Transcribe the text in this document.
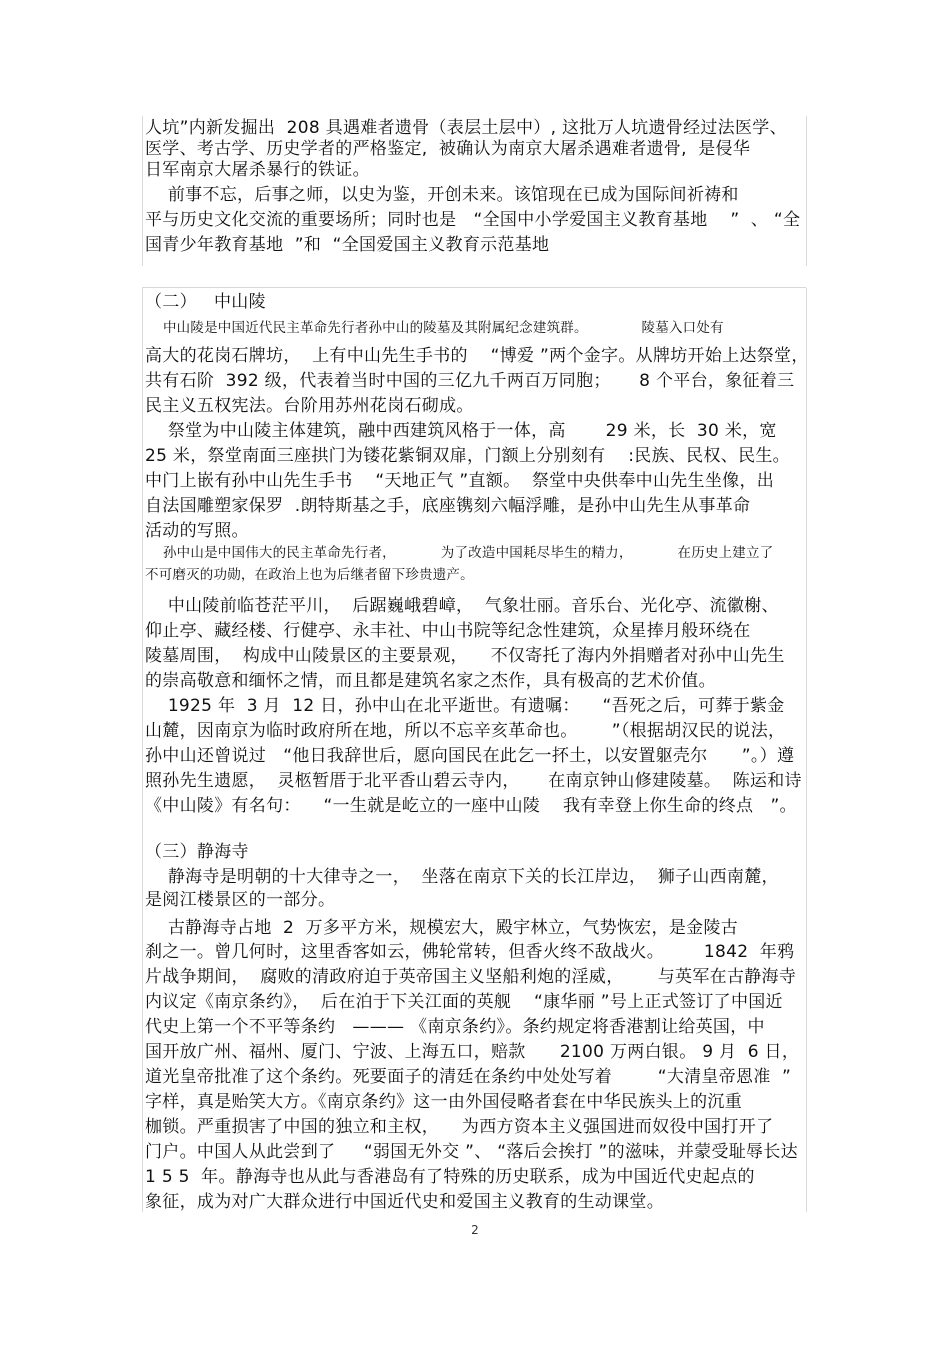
人坑”内新发掘出  208 具遇难者遗骨（表层土层中）, 这批万人坑遗骨经过法医学、
医学、考古学、历史学者的严格鉴定,  被确认为南京大屠杀遇难者遗骨,  是侵华
日军南京大屠杀暴行的铁证。
前事不忘，后事之师，以史为鉴，开创未来。该馆现在已成为国际间祈祷和
平与历史文化交流的重要场所；同时也是   “全国中小学爱国主义教育基地    ”  、 “全
国青少年教育基地  ”和  “全国爱国主义教育示范基地
（二）   中山陵
中山陵是中国近代民主革命先行者孙中山的陵墓及其附属纪念建筑群。            陵墓入口处有
高大的花岗石牌坊，  上有中山先生手书的    “博爱 ”两个金字。从牌坊开始上达祭堂，
共有石阶  392 级，代表着当时中国的三亿九千两百万同胞；     8 个平台，象征着三
民主义五权宪法。台阶用苏州花岗石砌成。
祭堂为中山陵主体建筑，融中西建筑风格于一体，高       29 米，长  30 米，宽
25 米，祭堂南面三座拱门为镂花紫铜双扉，门额上分别刻有    :民族、民权、民生。
中门上嵌有孙中山先生手书    “天地正气 ”直额。  祭堂中央供奉中山先生坐像，出
自法国雕塑家保罗  .朗特斯基之手，底座镌刻六幅浮雕，是孙中山先生从事革命
活动的写照。
孙中山是中国伟大的民主革命先行者，          为了改造中国耗尽毕生的精力，          在历史上建立了
不可磨灭的功勋，在政治上也为后继者留下珍贵遗产。
中山陵前临苍茫平川，  后踞巍峨碧嶂，  气象壮丽。音乐台、光化亭、流徽榭、
仰止亭、藏经楼、行健亭、永丰社、中山书院等纪念性建筑，众星捧月般环绕在
陵墓周围，  构成中山陵景区的主要景观，    不仅寄托了海内外捐赠者对孙中山先生
的崇高敬意和缅怀之情，而且都是建筑名家之杰作，具有极高的艺术价值。
1925 年  3 月  12 日，孙中山在北平逝世。有遗嘱：    “吾死之后，可葬于紫金
山麓，因南京为临时政府所在地，所以不忘辛亥革命也。      ”（根据胡汉民的说法，
孙中山还曾说过   “他日我辞世后，愿向国民在此乞一抔土，以安置躯壳尔      ”。）遵
照孙先生遗愿，  灵柩暂厝于北平香山碧云寺内，     在南京钟山修建陵墓。  陈运和诗
《中山陵》有名句：    “一生就是屹立的一座中山陵    我有幸登上你生命的终点   ”。
（三）静海寺
静海寺是明朝的十大律寺之一，  坐落在南京下关的长江岸边，  狮子山西南麓，
是阅江楼景区的一部分。
古静海寺占地  2  万多平方米，规模宏大，殿宇林立，气势恢宏，是金陵古
刹之一。曾几何时，这里香客如云，佛轮常转，但香火终不敌战火。       1842  年鸦
片战争期间，  腐败的清政府迫于英帝国主义坚船利炮的淫威，      与英军在古静海寺
内议定《南京条约》，  后在泊于下关江面的英舰    “康华丽 ”号上正式签订了中国近
代史上第一个不平等条约   ——— 《南京条约》。条约规定将香港割让给英国，中
国开放广州、福州、厦门、宁波、上海五口，赔款      2100 万两白银。 9 月  6 日，
道光皇帝批准了这个条约。死要面子的清廷在条约中处处写着        “大清皇帝恩准  ”
字样，真是贻笑大方。《南京条约》这一由外国侵略者套在中华民族头上的沉重
枷锁。严重损害了中国的独立和主权，    为西方资本主义强国进而奴役中国打开了
门户。中国人从此尝到了     “弱国无外交 ”、 “落后会挨打 ”的滋味，并蒙受耻辱长达
1 5 5  年。静海寺也从此与香港岛有了特殊的历史联系，成为中国近代史起点的
象征，成为对广大群众进行中国近代史和爱国主义教育的生动课堂。
2
